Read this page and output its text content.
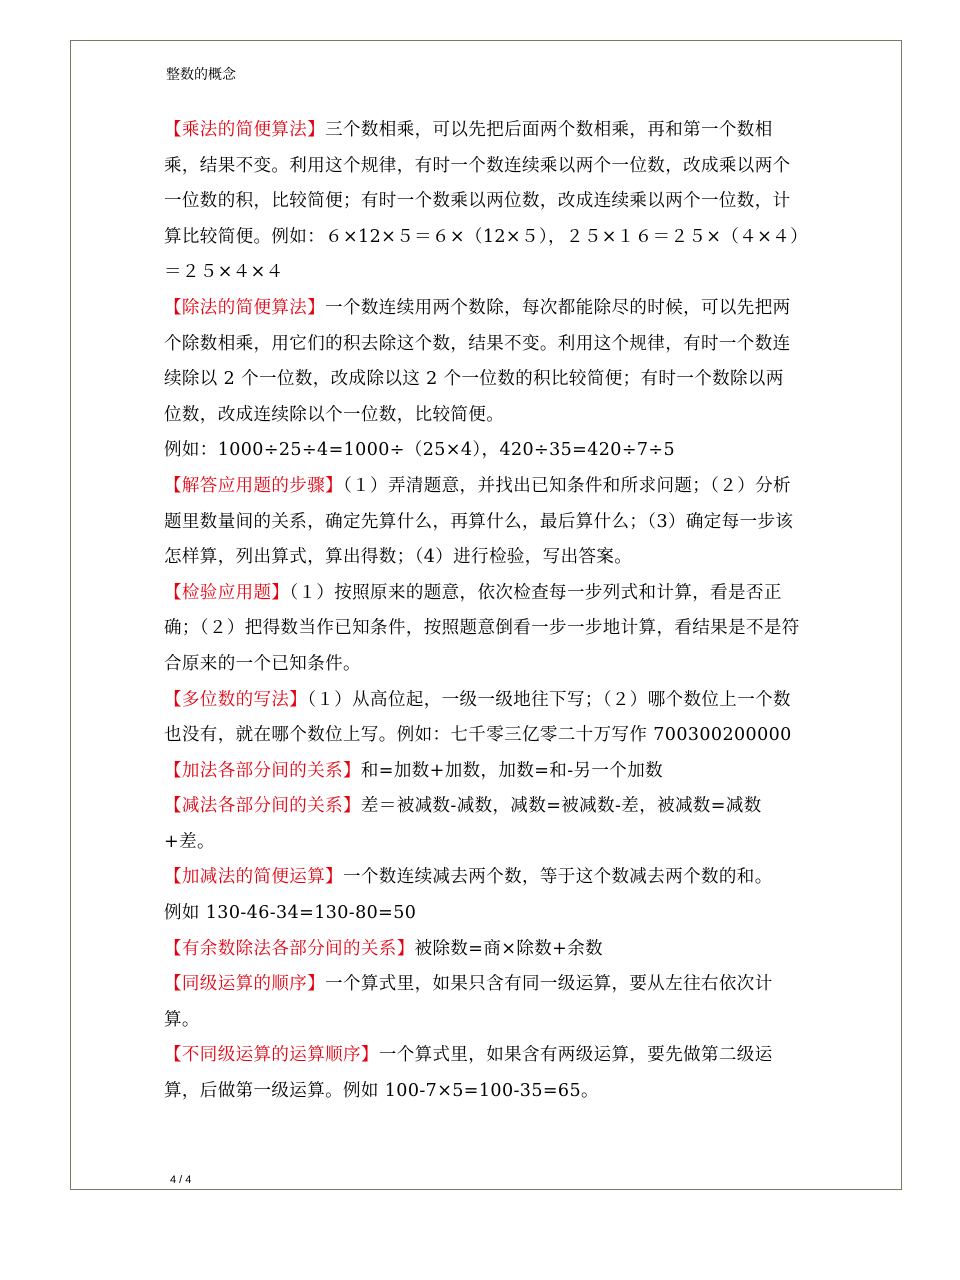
整数的概念

【乘法的简便算法】三个数相乘，可以先把后面两个数相乘，再和第一个数相乘，结果不变。利用这个规律，有时一个数连续乘以两个一位数，改成乘以两个一位数的积，比较简便；有时一个数乘以两位数，改成连续乘以两个一位数，计算比较简便。例如：６×12×５＝６×（12×５），２５×１６＝２５×（４×４）＝２５×４×４

【除法的简便算法】一个数连续用两个数除，每次都能除尽的时候，可以先把两个除数相乘，用它们的积去除这个数，结果不变。利用这个规律，有时一个数连续除以 2 个一位数，改成除以这 2 个一位数的积比较简便；有时一个数除以两位数，改成连续除以个一位数，比较简便。

例如：1000÷25÷4=1000÷（25×4），420÷35=420÷7÷5

【解答应用题的步骤】（１）弄清题意，并找出已知条件和所求问题；（２）分析题里数量间的关系，确定先算什么，再算什么，最后算什么；（3）确定每一步该怎样算，列出算式，算出得数；（4）进行检验，写出答案。

【检验应用题】（１）按照原来的题意，依次检查每一步列式和计算，看是否正确；（２）把得数当作已知条件，按照题意倒看一步一步地计算，看结果是不是符合原来的一个已知条件。

【多位数的写法】（１）从高位起，一级一级地往下写；（２）哪个数位上一个数也没有，就在哪个数位上写。例如：七千零三亿零二十万写作 700300200000

【加法各部分间的关系】和=加数+加数，加数=和-另一个加数

【减法各部分间的关系】差＝被减数-减数，减数=被减数-差，被减数=减数+差。

【加减法的简便运算】一个数连续减去两个数，等于这个数减去两个数的和。

例如 130-46-34=130-80=50

【有余数除法各部分间的关系】被除数=商×除数+余数

【同级运算的顺序】一个算式里，如果只含有同一级运算，要从左往右依次计算。

【不同级运算的运算顺序】一个算式里，如果含有两级运算，要先做第二级运算，后做第一级运算。例如 100-7×5=100-35=65。

4 / 4
